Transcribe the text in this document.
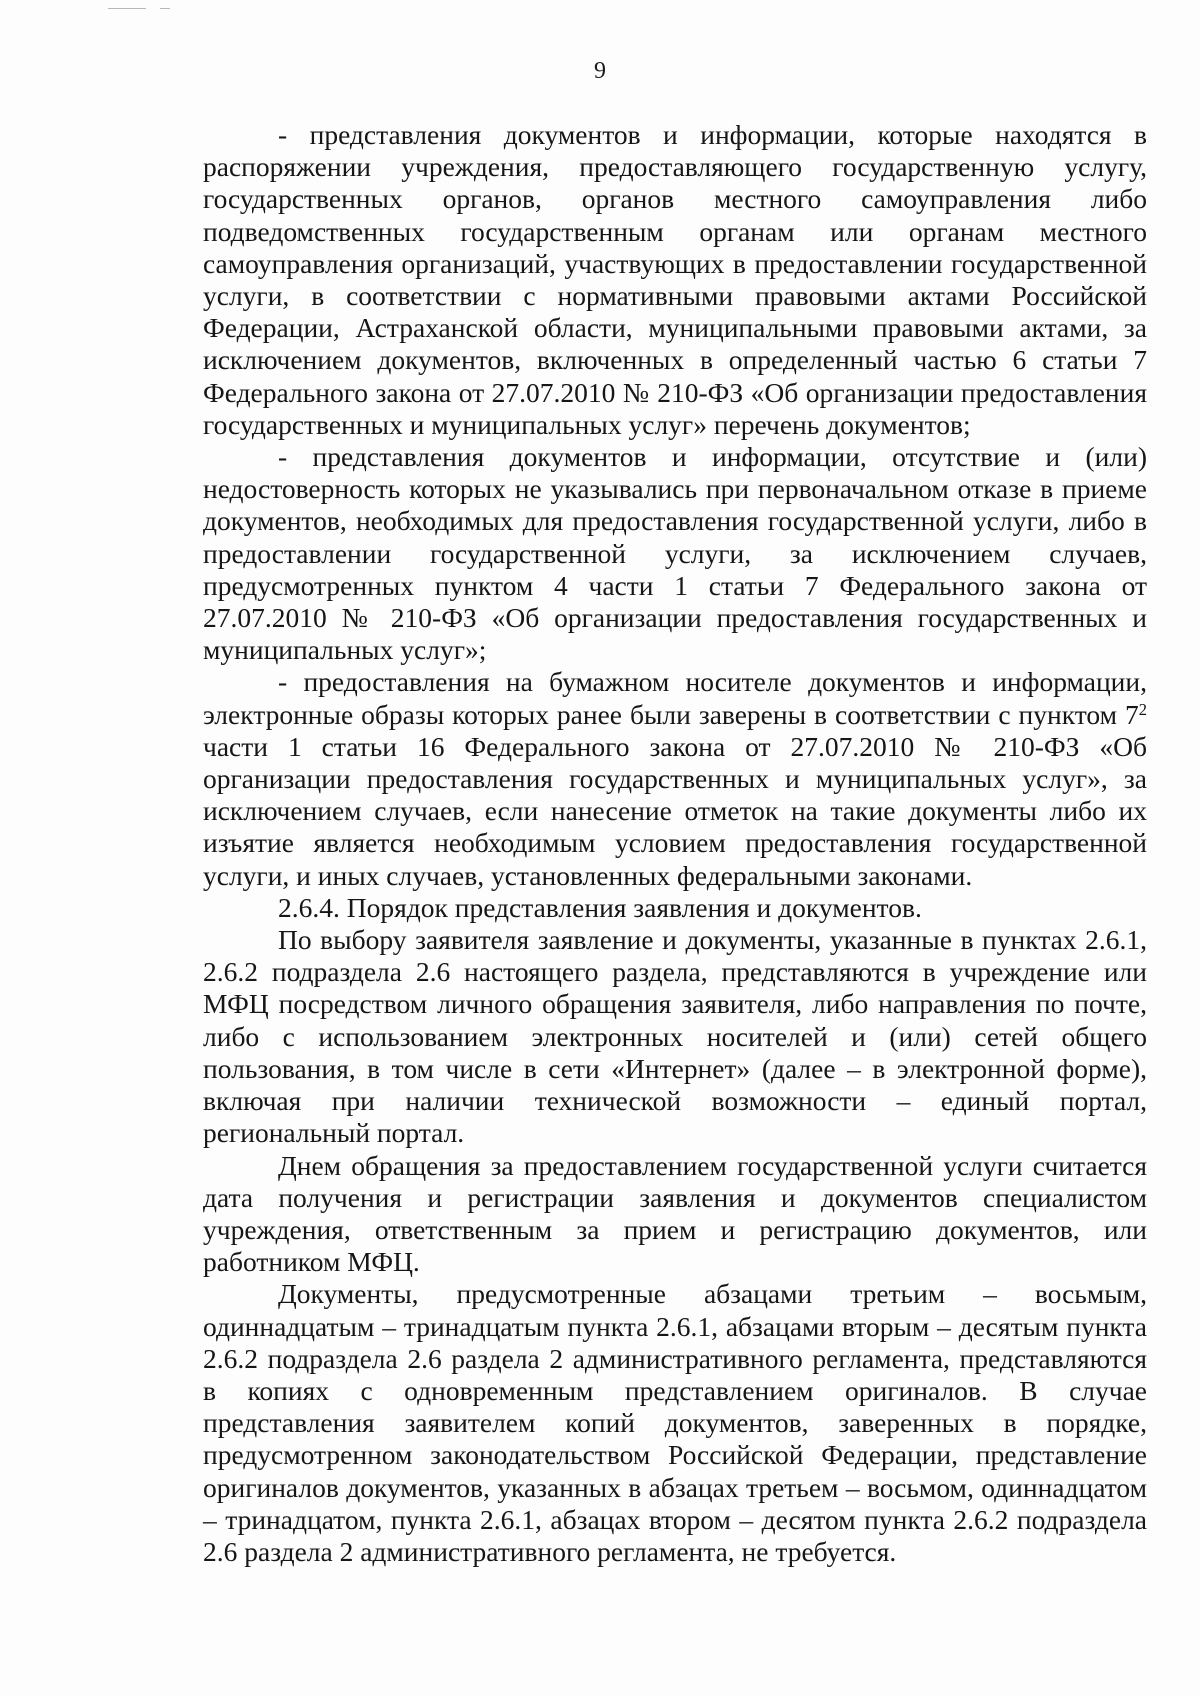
9

- представления документов и информации, которые находятся в распоряжении учреждения, предоставляющего государственную услугу, государственных органов, органов местного самоуправления либо подведомственных государственным органам или органам местного самоуправления организаций, участвующих в предоставлении государственной услуги, в соответствии с нормативными правовыми актами Российской Федерации, Астраханской области, муниципальными правовыми актами, за исключением документов, включенных в определенный частью 6 статьи 7 Федерального закона от 27.07.2010 № 210-ФЗ «Об организации предоставления государственных и муниципальных услуг» перечень документов;

- представления документов и информации, отсутствие и (или) недостоверность которых не указывались при первоначальном отказе в приеме документов, необходимых для предоставления государственной услуги, либо в предоставлении государственной услуги, за исключением случаев, предусмотренных пунктом 4 части 1 статьи 7 Федерального закона от 27.07.2010 № 210-ФЗ «Об организации предоставления государственных и муниципальных услуг»;

- предоставления на бумажном носителе документов и информации, электронные образы которых ранее были заверены в соответствии с пунктом $7^2$ части 1 статьи 16 Федерального закона от 27.07.2010 № 210-ФЗ «Об организации предоставления государственных и муниципальных услуг», за исключением случаев, если нанесение отметок на такие документы либо их изъятие является необходимым условием предоставления государственной услуги, и иных случаев, установленных федеральными законами.

2.6.4. Порядок представления заявления и документов.

По выбору заявителя заявление и документы, указанные в пунктах 2.6.1, 2.6.2 подраздела 2.6 настоящего раздела, представляются в учреждение или МФЦ посредством личного обращения заявителя, либо направления по почте, либо с использованием электронных носителей и (или) сетей общего пользования, в том числе в сети «Интернет» (далее – в электронной форме), включая при наличии технической возможности – единый портал, региональный портал.

Днем обращения за предоставлением государственной услуги считается дата получения и регистрации заявления и документов специалистом учреждения, ответственным за прием и регистрацию документов, или работником МФЦ.

Документы, предусмотренные абзацами третьим – восьмым, одиннадцатым – тринадцатым пункта 2.6.1, абзацами вторым – десятым пункта 2.6.2 подраздела 2.6 раздела 2 административного регламента, представляются в копиях с одновременным представлением оригиналов. В случае представления заявителем копий документов, заверенных в порядке, предусмотренном законодательством Российской Федерации, представление оригиналов документов, указанных в абзацах третьем – восьмом, одиннадцатом – тринадцатом, пункта 2.6.1, абзацах втором – десятом пункта 2.6.2 подраздела 2.6 раздела 2 административного регламента, не требуется.
